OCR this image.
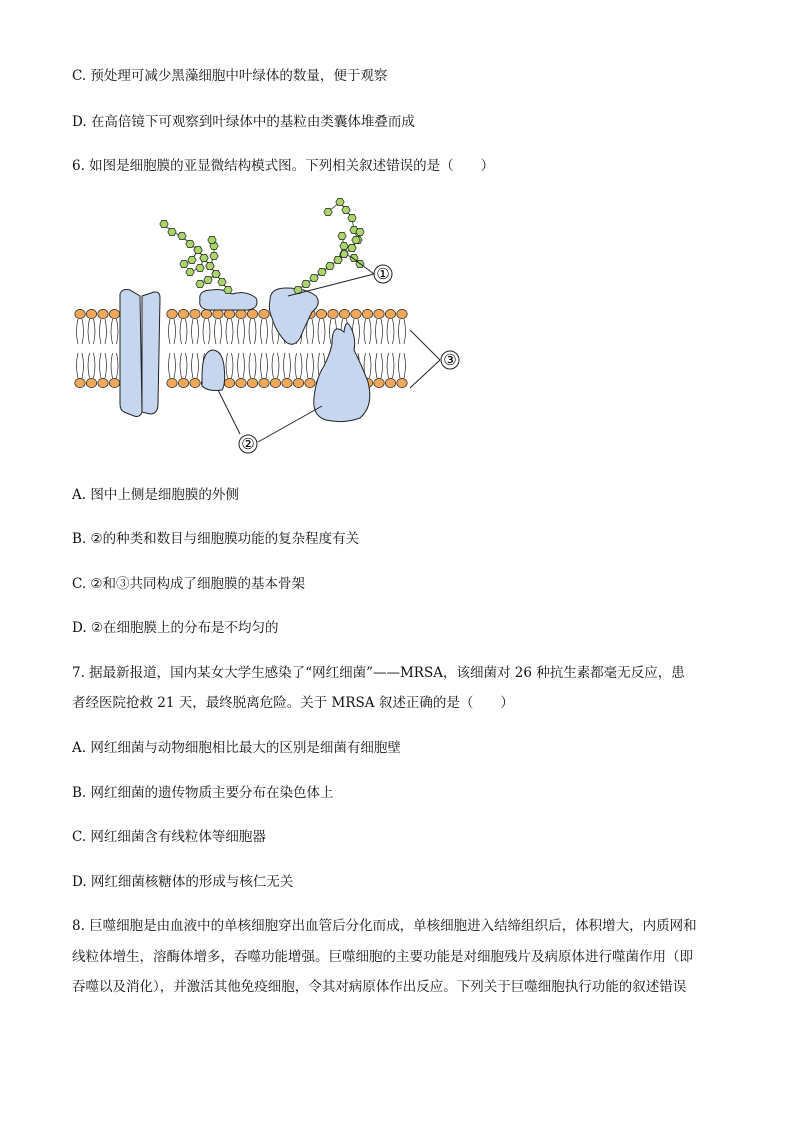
C. 预处理可减少黑藻细胞中叶绿体的数量，便于观察
D. 在高倍镜下可观察到叶绿体中的基粒由类囊体堆叠而成
6. 如图是细胞膜的亚显微结构模式图。下列相关叙述错误的是（　　）
①
③
②
A. 图中上侧是细胞膜的外侧
B. ②的种类和数目与细胞膜功能的复杂程度有关
C. ②和③共同构成了细胞膜的基本骨架
D. ②在细胞膜上的分布是不均匀的
7. 据最新报道，国内某女大学生感染了“网红细菌”——MRSA，该细菌对 26 种抗生素都毫无反应，患
者经医院抢救 21 天，最终脱离危险。关于 MRSA 叙述正确的是（　　）
A. 网红细菌与动物细胞相比最大的区别是细菌有细胞壁
B. 网红细菌的遗传物质主要分布在染色体上
C. 网红细菌含有线粒体等细胞器
D. 网红细菌核糖体的形成与核仁无关
8. 巨噬细胞是由血液中的单核细胞穿出血管后分化而成，单核细胞进入结缔组织后，体积增大，内质网和
线粒体增生，溶酶体增多，吞噬功能增强。巨噬细胞的主要功能是对细胞残片及病原体进行噬菌作用（即
吞噬以及消化），并激活其他免疫细胞，令其对病原体作出反应。下列关于巨噬细胞执行功能的叙述错误
